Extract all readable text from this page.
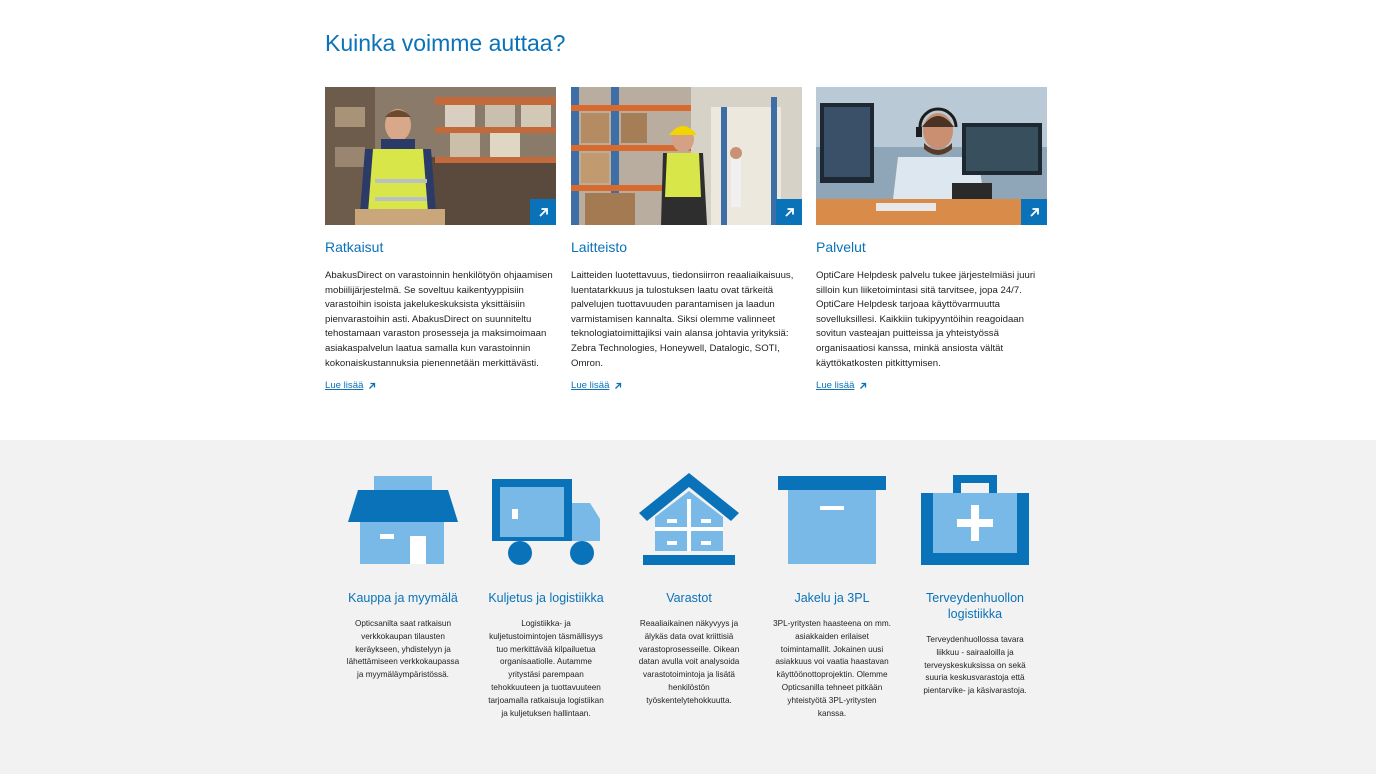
Kuinka voimme auttaa?
Ratkaisut

AbakusDirect on varastoinnin henkilötyön ohjaamisen mobiilijärjestelmä. Se soveltuu kaikentyyppisiin varastoihin isoista jakelukeskuksista yksittäisiin pienvarastoihin asti. AbakusDirect on suunniteltu tehostamaan varaston prosesseja ja maksimoimaan asiakaspalvelun laatua samalla kun varastoinnin kokonaiskustannuksia pienennetään merkittävästi.

Lue lisää
Laitteisto

Laitteiden luotettavuus, tiedonsiirron reaaliaikaisuus, luentatarkkuus ja tulostuksen laatu ovat tärkeitä palvelujen tuottavuuden parantamisen ja laadun varmistamisen kannalta. Siksi olemme valinneet teknologiatoimittajiksi vain alansa johtavia yrityksiä: Zebra Technologies, Honeywell, Datalogic, SOTI, Omron.

Lue lisää
Palvelut

OptiCare Helpdesk palvelu tukee järjestelmiäsi juuri silloin kun liiketoimintasi sitä tarvitsee, jopa 24/7. OptiCare Helpdesk tarjoaa käyttövarmuutta sovelluksillesi. Kaikkiin tukipyyntöihin reagoidaan sovitun vasteajan puitteissa ja yhteistyössä organisaatiosi kanssa, minkä ansiosta vältät käyttökatkosten pitkittymisen.

Lue lisää
Kauppa ja myymälä

Opticsanilta saat ratkaisun verkkokaupan tilausten keräykseen, yhdistelyyn ja lähettämiseen verkkokaupassa ja myymäläympäristössä.

Kuljetus ja logistiikka

Logistiikka- ja kuljetustoimintojen täsmällisyys tuo merkittävää kilpailuetua organisaatiolle. Autamme yritystäsi parempaan tehokkuuteen ja tuottavuuteen tarjoamalla ratkaisuja logistiikan ja kuljetuksen hallintaan.

Varastot

Reaaliaikainen näkyvyys ja älykäs data ovat kriittisiä varastoprosesseille. Oikean datan avulla voit analysoida varastotoimintoja ja lisätä henkilöstön työskentelytehokkuutta.

Jakelu ja 3PL

3PL-yritysten haasteena on mm. asiakkaiden erilaiset toimintamallit. Jokainen uusi asiakkuus voi vaatia haastavan käyttöönottoprojektin. Olemme Opticsanilla tehneet pitkään yhteistyötä 3PL-yritysten kanssa.

Terveydenhuollon logistiikka

Terveydenhuollossa tavara liikkuu - sairaaloilla ja terveyskeskuksissa on sekä suuria keskusvarastoja että pientarvike- ja käsivarastoja.
